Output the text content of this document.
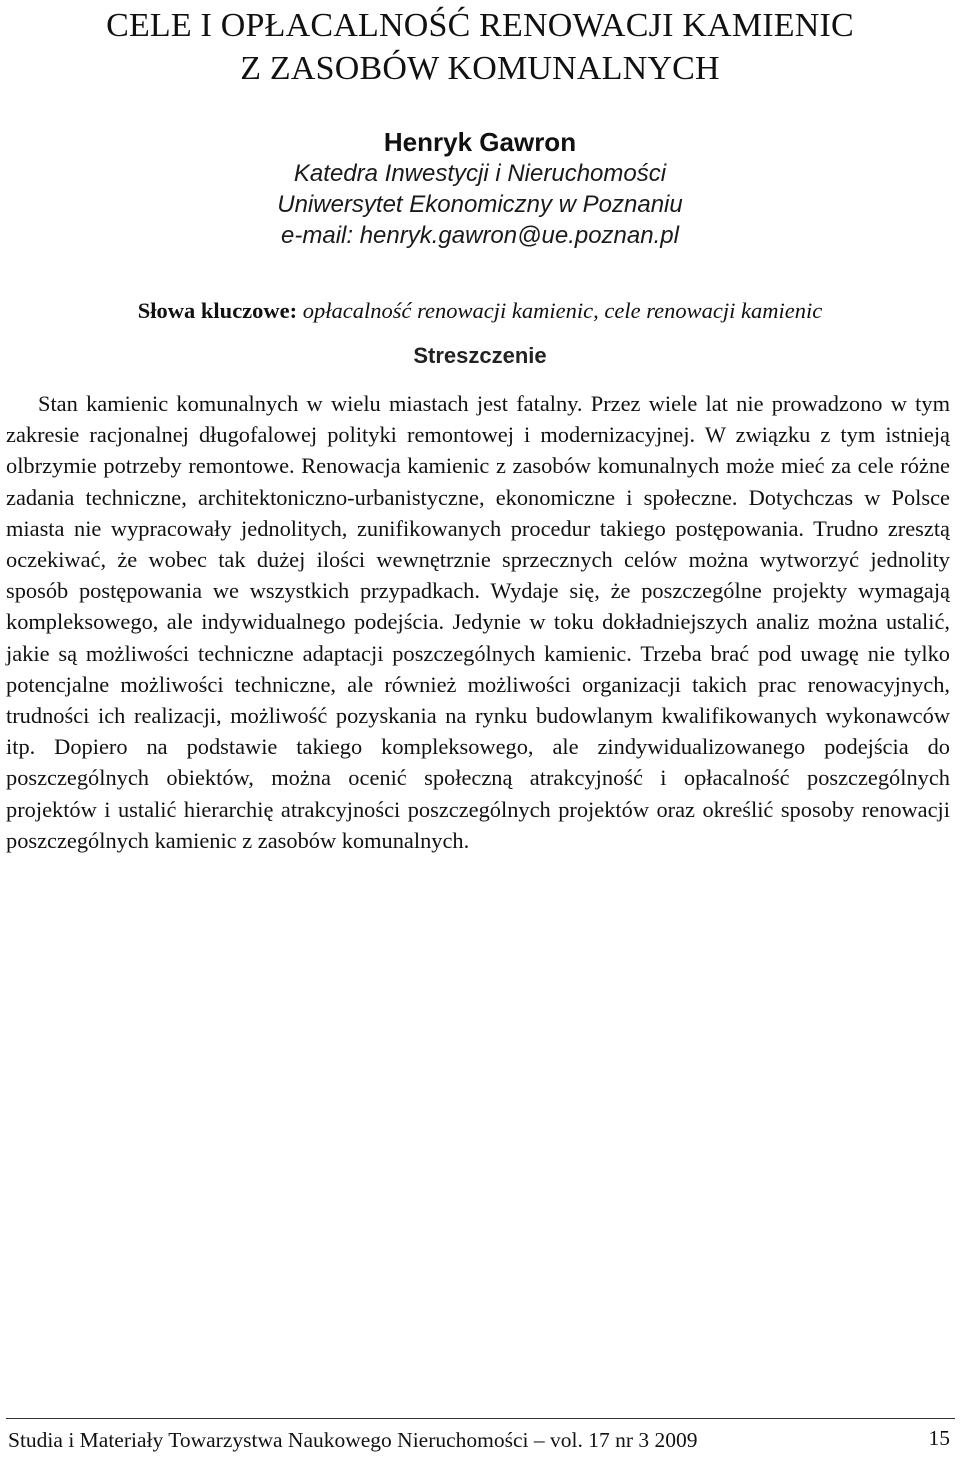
CELE I OPŁACALNOŚĆ RENOWACJI KAMIENIC
Z ZASOBÓW KOMUNALNYCH
Henryk Gawron
Katedra Inwestycji i Nieruchomości
Uniwersytet Ekonomiczny w Poznaniu
e-mail: henryk.gawron@ue.poznan.pl
Słowa kluczowe: opłacalność renowacji kamienic, cele renowacji kamienic
Streszczenie
Stan kamienic komunalnych w wielu miastach jest fatalny. Przez wiele lat nie prowadzono w tym zakresie racjonalnej długofalowej polityki remontowej i modernizacyjnej. W związku z tym istnieją olbrzymie potrzeby remontowe. Renowacja kamienic z zasobów komunalnych może mieć za cele różne zadania techniczne, architektoniczno-urbanistyczne, ekonomiczne i społeczne. Dotychczas w Polsce miasta nie wypracowały jednolitych, zunifikowanych procedur takiego postępowania. Trudno zresztą oczekiwać, że wobec tak dużej ilości wewnętrznie sprzecznych celów można wytworzyć jednolity sposób postępowania we wszystkich przypadkach. Wydaje się, że poszczególne projekty wymagają kompleksowego, ale indywidualnego podejścia. Jedynie w toku dokładniejszych analiz można ustalić, jakie są możliwości techniczne adaptacji poszczególnych kamienic. Trzeba brać pod uwagę nie tylko potencjalne możliwości techniczne, ale również możliwości organizacji takich prac renowacyjnych, trudności ich realizacji, możliwość pozyskania na rynku budowlanym kwalifikowanych wykonawców itp. Dopiero na podstawie takiego kompleksowego, ale zindywidualizowanego podejścia do poszczególnych obiektów, można ocenić społeczną atrakcyjność i opłacalność poszczególnych projektów i ustalić hierarchię atrakcyjności poszczególnych projektów oraz określić sposoby renowacji poszczególnych kamienic z zasobów komunalnych.
Studia i Materiały Towarzystwa Naukowego Nieruchomości – vol. 17 nr 3 2009	15
